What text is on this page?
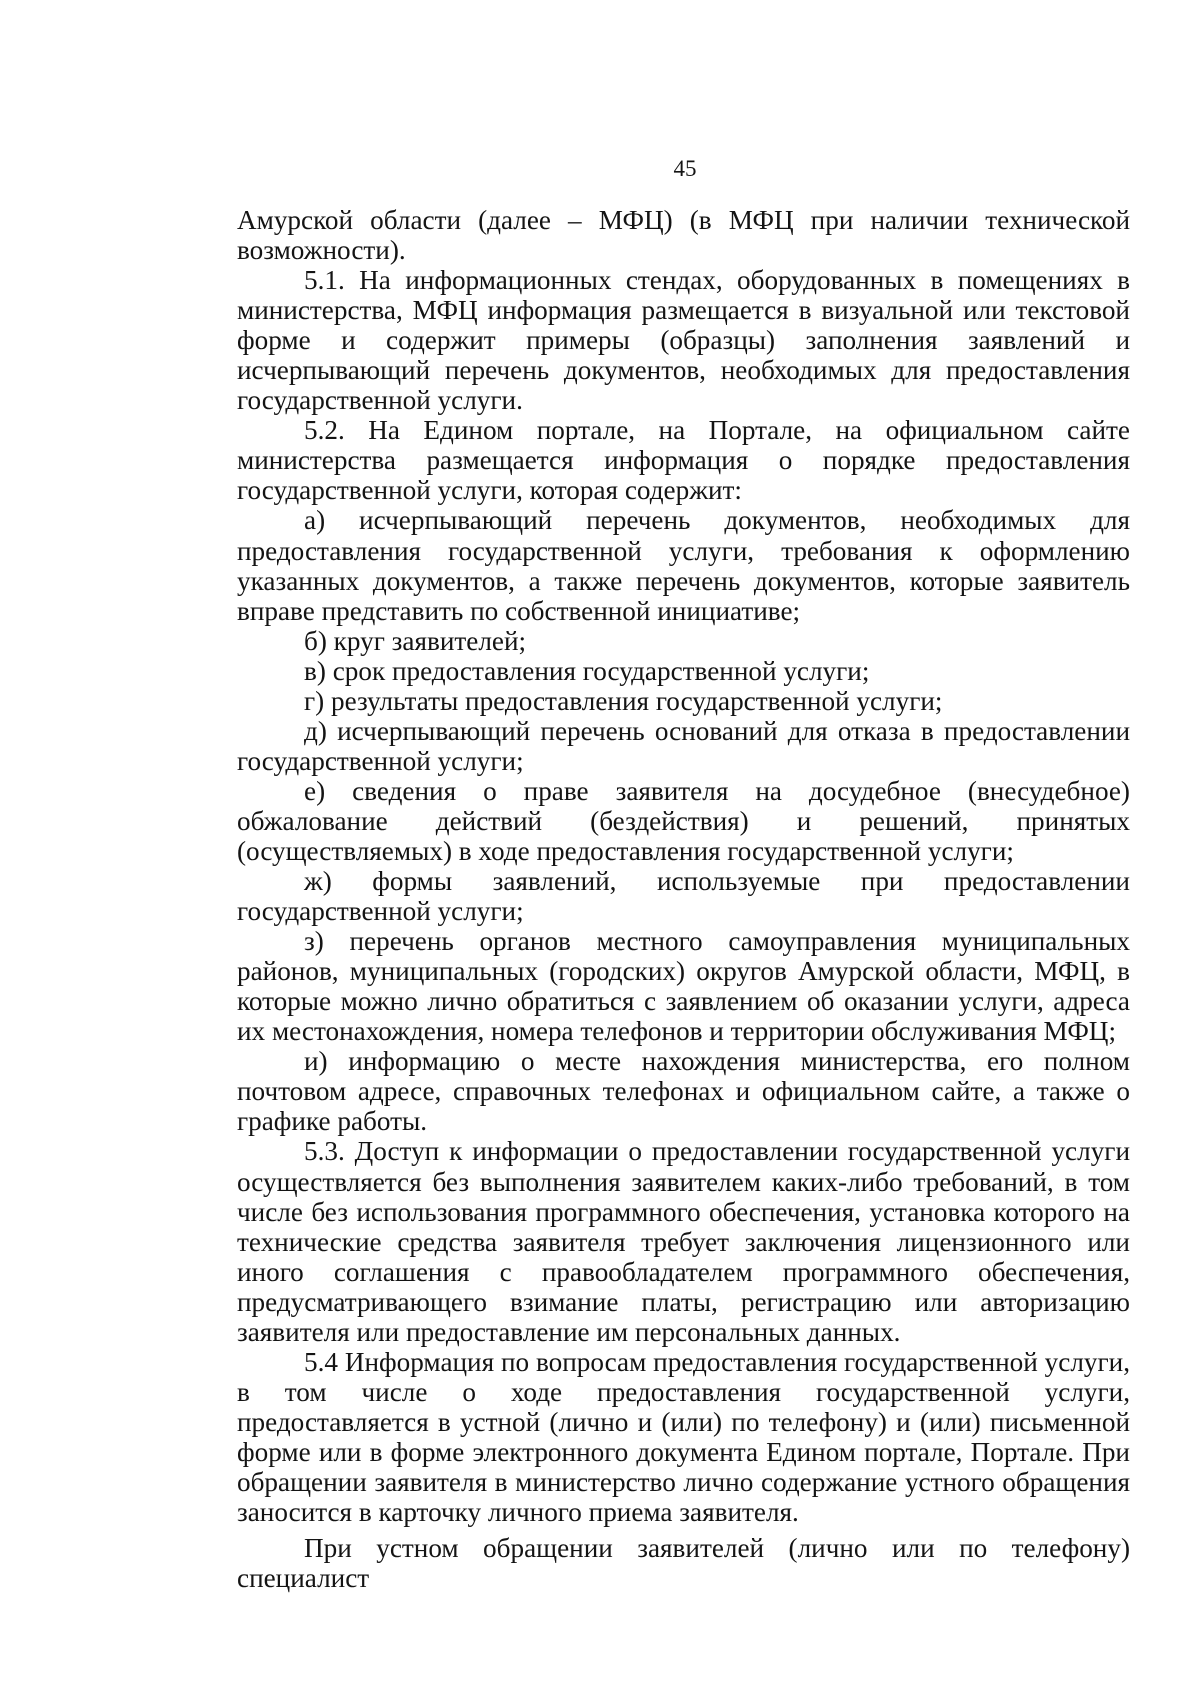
45

Амурской области (далее – МФЦ) (в МФЦ при наличии технической возможности).

5.1. На информационных стендах, оборудованных в помещениях в министерства, МФЦ информация размещается в визуальной или текстовой форме и содержит примеры (образцы) заполнения заявлений и исчерпывающий перечень документов, необходимых для предоставления государственной услуги.

5.2. На Едином портале, на Портале, на официальном сайте министерства размещается информация о порядке предоставления государственной услуги, которая содержит:

а) исчерпывающий перечень документов, необходимых для предоставления государственной услуги, требования к оформлению указанных документов, а также перечень документов, которые заявитель вправе представить по собственной инициативе;

б) круг заявителей;

в) срок предоставления государственной услуги;

г) результаты предоставления государственной услуги;

д) исчерпывающий перечень оснований для отказа в предоставлении государственной услуги;

е) сведения о праве заявителя на досудебное (внесудебное) обжалование действий (бездействия) и решений, принятых (осуществляемых) в ходе предоставления государственной услуги;

ж) формы заявлений, используемые при предоставлении государственной услуги;

з) перечень органов местного самоуправления муниципальных районов, муниципальных (городских) округов Амурской области, МФЦ, в которые можно лично обратиться с заявлением об оказании услуги, адреса их местонахождения, номера телефонов и территории обслуживания МФЦ;

и) информацию о месте нахождения министерства, его полном почтовом адресе, справочных телефонах и официальном сайте, а также о графике работы.

5.3. Доступ к информации о предоставлении государственной услуги осуществляется без выполнения заявителем каких-либо требований, в том числе без использования программного обеспечения, установка которого на технические средства заявителя требует заключения лицензионного или иного соглашения с правообладателем программного обеспечения, предусматривающего взимание платы, регистрацию или авторизацию заявителя или предоставление им персональных данных.

5.4 Информация по вопросам предоставления государственной услуги, в том числе о ходе предоставления государственной услуги, предоставляется в устной (лично и (или) по телефону) и (или) письменной форме или в форме электронного документа Едином портале, Портале. При обращении заявителя в министерство лично содержание устного обращения заносится в карточку личного приема заявителя.

При устном обращении заявителей (лично или по телефону) специалист
